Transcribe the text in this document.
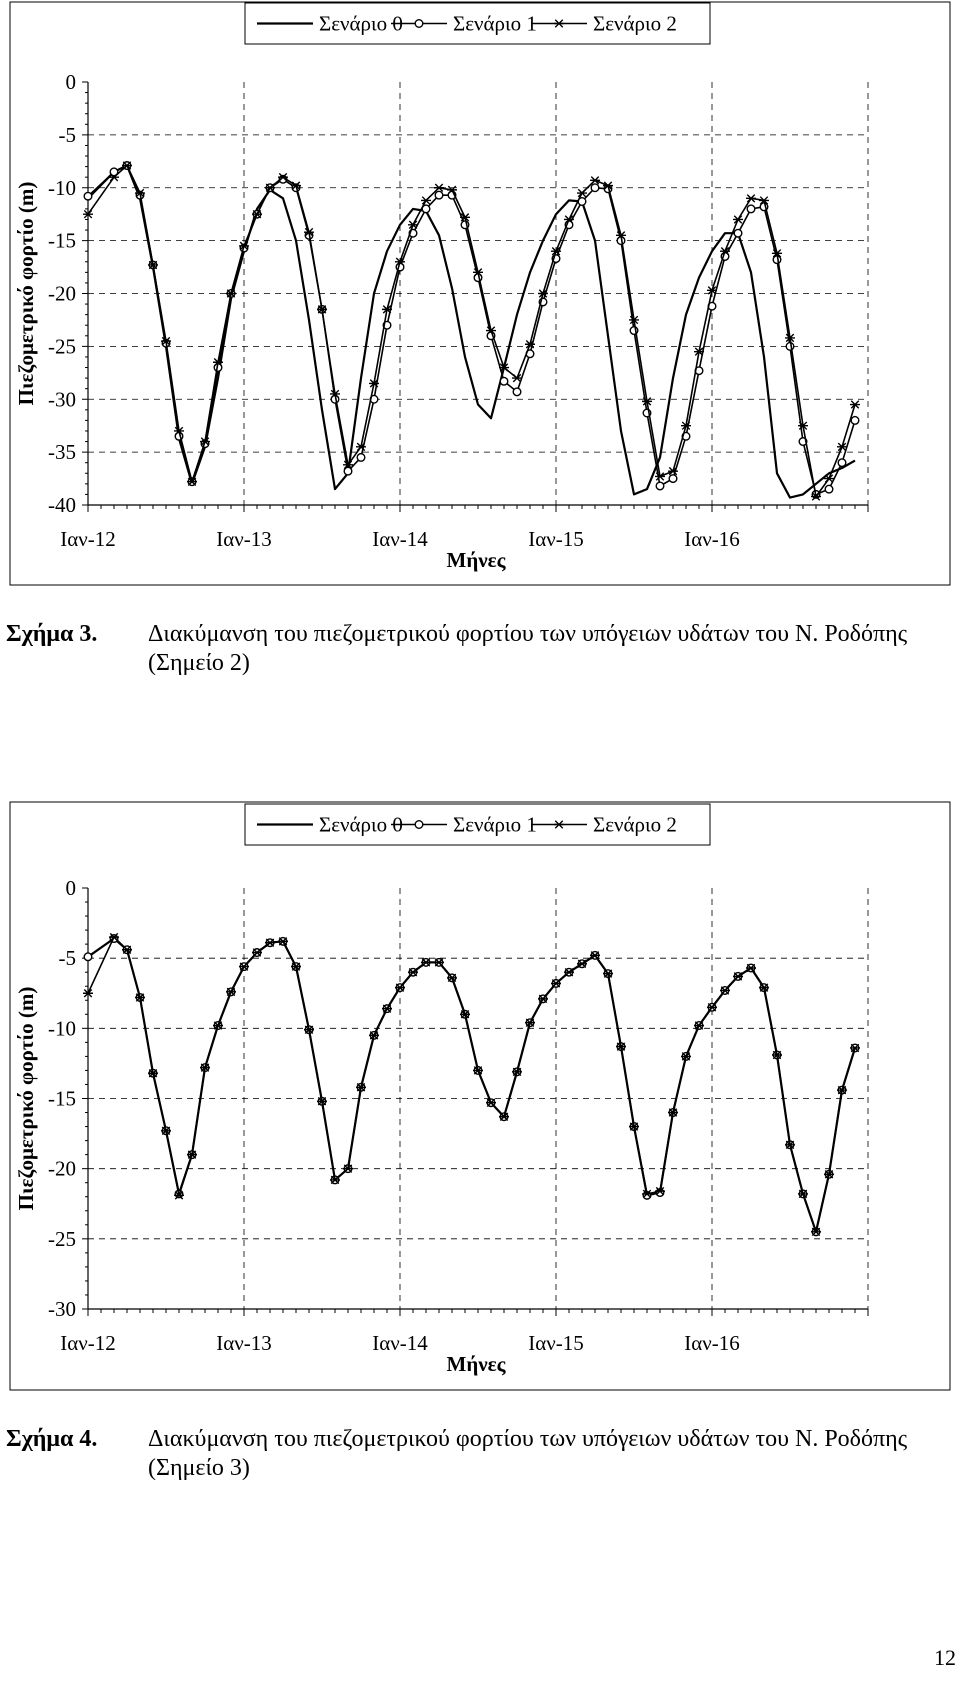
0
-5
-10
-15
-20
-25
-30
-35
-40
Ιαν-12	Ιαν-13	Ιαν-14	Ιαν-15	Ιαν-16
Μήνες
Πιεζομετρικό φορτίο (m)
Σενάριο 0 Σενάριο 1	Σενάριο 2
Σχήμα 3. Διακύμανση του πιεζομετρικού φορτίου των υπόγειων υδάτων του Ν. Ροδόπης (Σημείο 2)
0
-5
-10
-15
-20
-25
-30
Ιαν-12	Ιαν-13	Ιαν-14	Ιαν-15	Ιαν-16
Μήνες
Πιεζομετρικό φορτίο (m)
Σενάριο 0 Σενάριο 1	Σενάριο 2
Σχήμα 4. Διακύμανση του πιεζομετρικού φορτίου των υπόγειων υδάτων του Ν. Ροδόπης (Σημείο 3)
12
